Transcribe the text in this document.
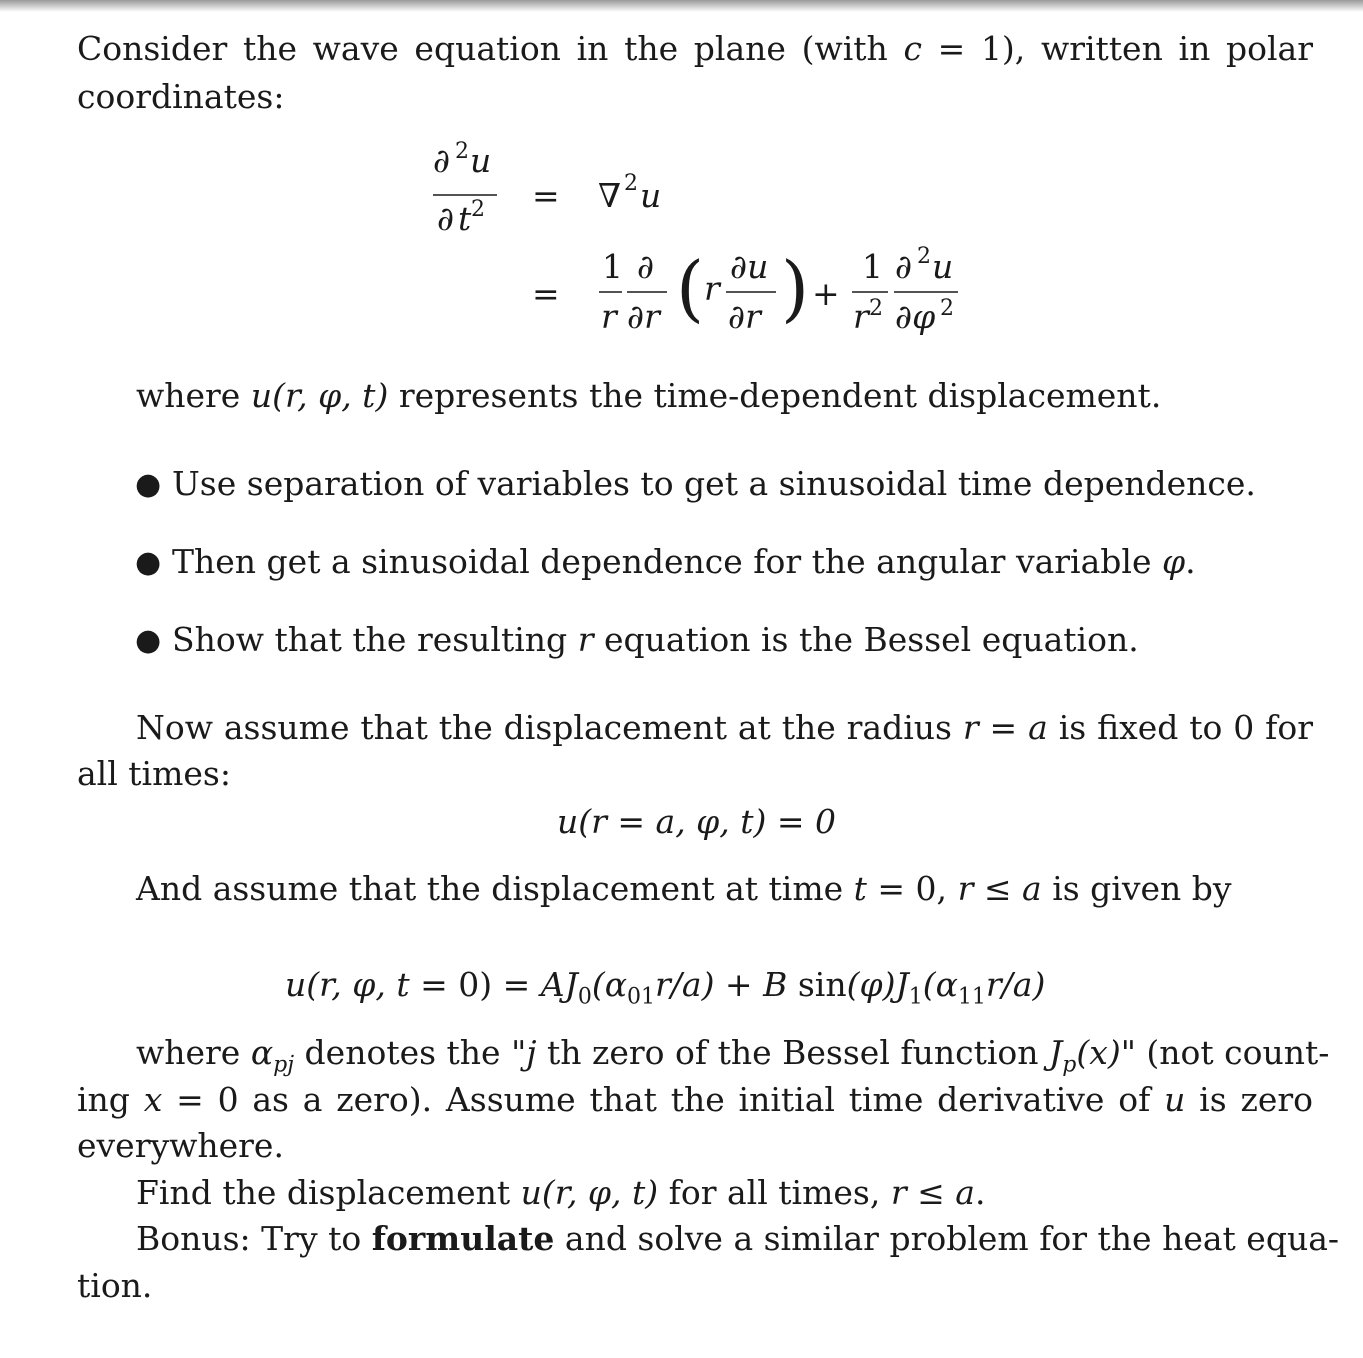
Consider the wave equation in the plane (with c = 1), written in polar
coordinates:
∂ 2 u
∂ t 2 = ∇ 2 u
=
1
r
∂
∂r ( r
∂u
∂r ) +
1
r 2
∂ 2 u
∂φ 2
where u(r, φ, t) represents the time-dependent displacement.
● Use separation of variables to get a sinusoidal time dependence.
● Then get a sinusoidal dependence for the angular variable φ.
● Show that the resulting r equation is the Bessel equation.
Now assume that the displacement at the radius r = a is fixed to 0 for
all times:
u(r = a, φ, t) = 0
And assume that the displacement at time t = 0, r ≤ a is given by
u(r, φ, $t = 0) = AJ_0(\alpha_{01}r/a) + B$ $\sin(\varphi)J_1(\alpha_{11}r/a)$
where $\alpha_{pj}$ denotes the "j th zero of the Bessel function $J_p(x)$" (not count-
ing x = 0 as a zero). Assume that the initial time derivative of u is zero
everywhere.
Find the displacement u(r, φ, t) for all times, r ≤ a.
Bonus: Try to formulate and solve a similar problem for the heat equa-
tion.
